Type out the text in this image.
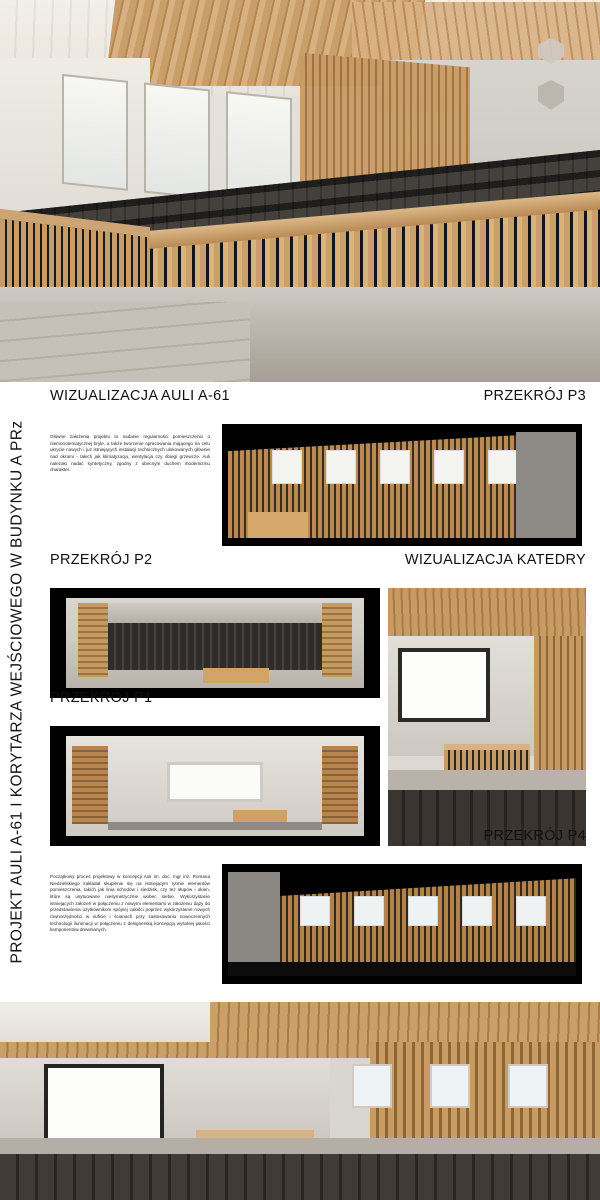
PROJEKT AULI A-61 I KORYTARZA WEJŚCIOWEGO W BUDYNKU A PRz
WIZUALIZACJA AULI A-61	PRZEKRÓJ P3
Główne założenia projektu to nadanie regularności pomieszczeniu o niemonotematycznej bryle, a także tworzenie opracowania mającego na celu ukrycie nowych i już istniejących instalacji technicznych ulokowanych głównie nad okrami - takich jak klimatyzacja, wentylacja czy obiegi grzewcze. Auli należało nadać syntetyczny, zgodny z obecnym duchem modernizmu charakter.
PRZEKRÓJ P2	WIZUALIZACJA KATEDRY
PRZEKRÓJ P1
PRZEKRÓJ P4
Początkowy proces projektowy w koncepcji Auli im. doc. mgr inż. Romana Niedzielskiego zakładał skupienie się na istniejącym rytmie elementów pomieszczenia, takich jak linia schodów i siedzisk, czy też słupów i okien, które są usytuowane niesymetrycznie wobec siebie. Wykorzystanie istniejących założeń w połączeniu z nowymi elementami w założeniu dąży do przedstawienia użytkownikom spójnej całości poprzez wykorzystanie nowych równorzędności w suficie i ścianach przy zastosowaniu nowoczesnych technologii iluminacji w połączeniu z designerską koncepcją wysokiej jakości komponentów drewnianych.
